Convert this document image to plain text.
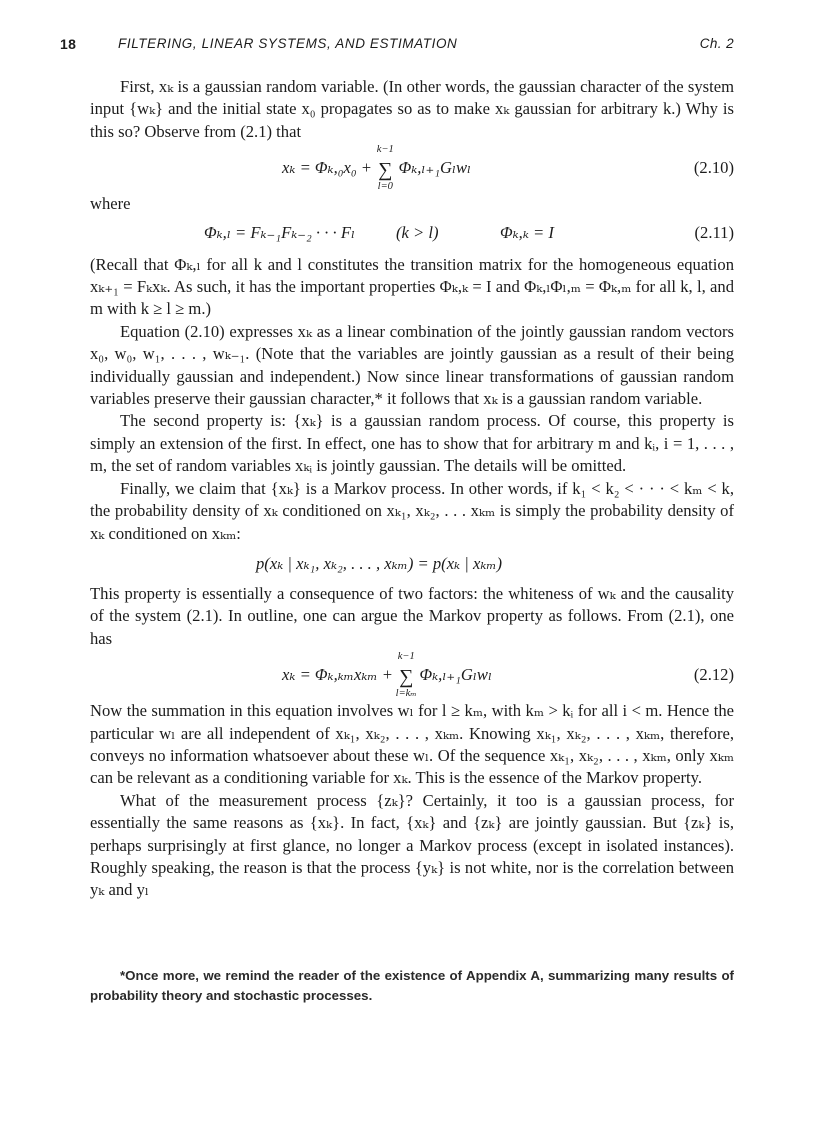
18	FILTERING, LINEAR SYSTEMS, AND ESTIMATION	Ch. 2

First, xₖ is a gaussian random variable. (In other words, the gaussian character of the system input {wₖ} and the initial state x₀ propagates so as to make xₖ gaussian for arbitrary k.) Why is this so? Observe from (2.1) that

xₖ = Φₖ,₀x₀ + ∑
k−1
l=0
Φₖ,ₗ₊₁Gₗwₗ	(2.10)

where

Φₖ,ₗ = Fₖ₋₁Fₖ₋₂ · · · Fₗ (k > l)	Φₖ,ₖ = I	(2.11)

(Recall that Φₖ,ₗ for all k and l constitutes the transition matrix for the homogeneous equation xₖ₊₁ = Fₖxₖ. As such, it has the important properties Φₖ,ₖ = I and Φₖ,ₗΦₗ,ₘ = Φₖ,ₘ for all k, l, and m with k ≥ l ≥ m.)

Equation (2.10) expresses xₖ as a linear combination of the jointly gaussian random vectors x₀, w₀, w₁, . . . , wₖ₋₁. (Note that the variables are jointly gaussian as a result of their being individually gaussian and independent.) Now since linear transformations of gaussian random variables preserve their gaussian character,* it follows that xₖ is a gaussian random variable.

The second property is: {xₖ} is a gaussian random process. Of course, this property is simply an extension of the first. In effect, one has to show that for arbitrary m and kᵢ, i = 1, . . . , m, the set of random variables xₖᵢ is jointly gaussian. The details will be omitted.

Finally, we claim that {xₖ} is a Markov process. In other words, if k₁ < k₂ < · · · < kₘ < k, the probability density of xₖ conditioned on xₖ₁, xₖ₂, . . . xₖₘ is simply the probability density of xₖ conditioned on xₖₘ:

p(xₖ | xₖ₁, xₖ₂, . . . , xₖₘ) = p(xₖ | xₖₘ)

This property is essentially a consequence of two factors: the whiteness of wₖ and the causality of the system (2.1). In outline, one can argue the Markov property as follows. From (2.1), one has

xₖ = Φₖ,ₖₘxₖₘ + ∑
k−1
l=kₘ
Φₖ,ₗ₊₁Gₗwₗ	(2.12)

Now the summation in this equation involves wₗ for l ≥ kₘ, with kₘ > kᵢ for all i < m. Hence the particular wₗ are all independent of xₖ₁, xₖ₂, . . . , xₖₘ. Knowing xₖ₁, xₖ₂, . . . , xₖₘ, therefore, conveys no information whatsoever about these wₗ. Of the sequence xₖ₁, xₖ₂, . . . , xₖₘ, only xₖₘ can be relevant as a conditioning variable for xₖ. This is the essence of the Markov property.

What of the measurement process {zₖ}? Certainly, it too is a gaussian process, for essentially the same reasons as {xₖ}. In fact, {xₖ} and {zₖ} are jointly gaussian. But {zₖ} is, perhaps surprisingly at first glance, no longer a Markov process (except in isolated instances). Roughly speaking, the reason is that the process {yₖ} is not white, nor is the correlation between yₖ and yₗ

*Once more, we remind the reader of the existence of Appendix A, summarizing many results of probability theory and stochastic processes.
